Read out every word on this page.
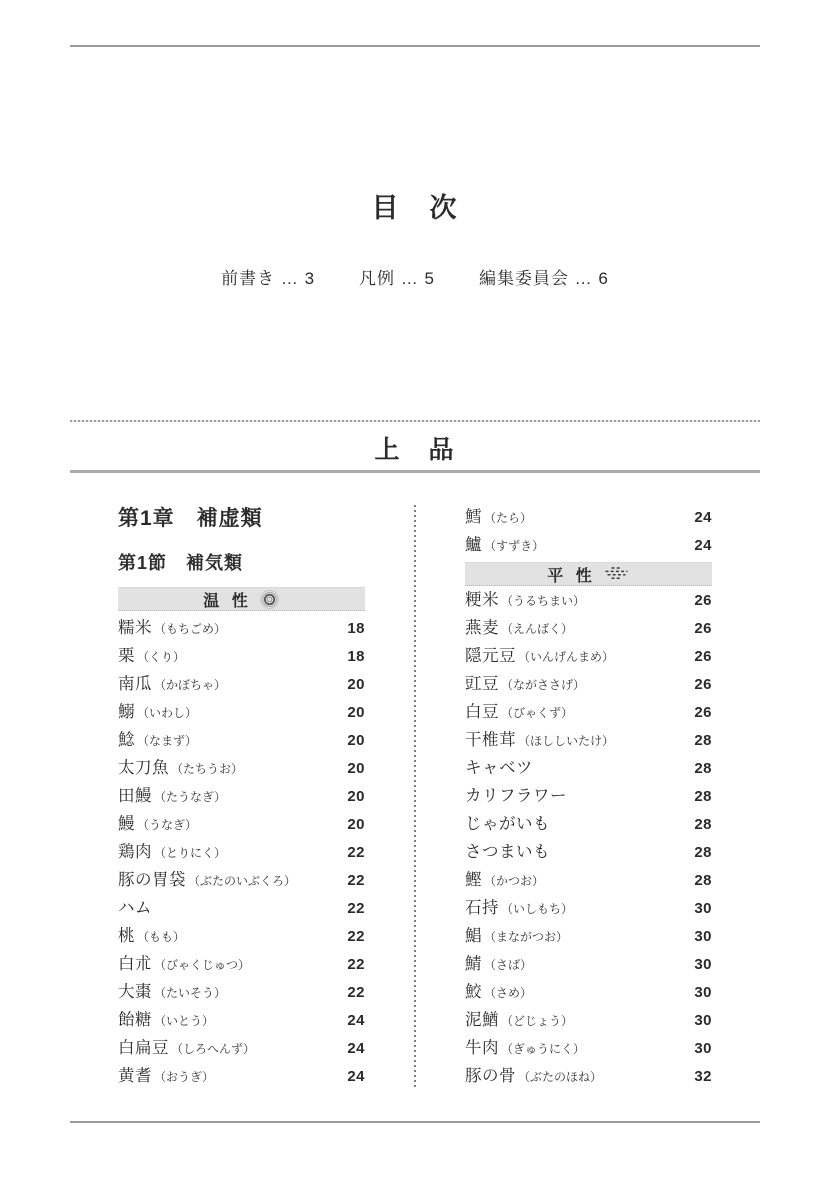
目　次
前書き … 3	凡例 … 5	編集委員会 … 6
上　品
第1章　補虚類
第1節　補気類
温 性
糯米 （もちごめ）	18
栗 （くり）	18
南瓜 （かぼちゃ）	20
鰯 （いわし）	20
鯰 （なまず）	20
太刀魚 （たちうお）	20
田鰻 （たうなぎ）	20
鰻 （うなぎ）	20
鶏肉 （とりにく）	22
豚の胃袋 （ぶたのいぶくろ）	22
ハム	22
桃 （もも）	22
白朮 （びゃくじゅつ）	22
大棗 （たいそう）	22
飴糖 （いとう）	24
白扁豆 （しろへんず）	24
黄耆 （おうぎ）	24
鱈 （たら）	24
鱸 （すずき）	24
平 性
粳米 （うるちまい）	26
燕麦 （えんばく）	26
隠元豆 （いんげんまめ）	26
豇豆 （ながささげ）	26
白豆 （びゃくず）	26
干椎茸 （ほししいたけ）	28
キャベツ	28
カリフラワー	28
じゃがいも	28
さつまいも	28
鰹 （かつお）	28
石持 （いしもち）	30
鯧 （まながつお）	30
鯖 （さば）	30
鮫 （さめ）	30
泥鰌 （どじょう）	30
牛肉 （ぎゅうにく）	30
豚の骨 （ぶたのほね）	32
